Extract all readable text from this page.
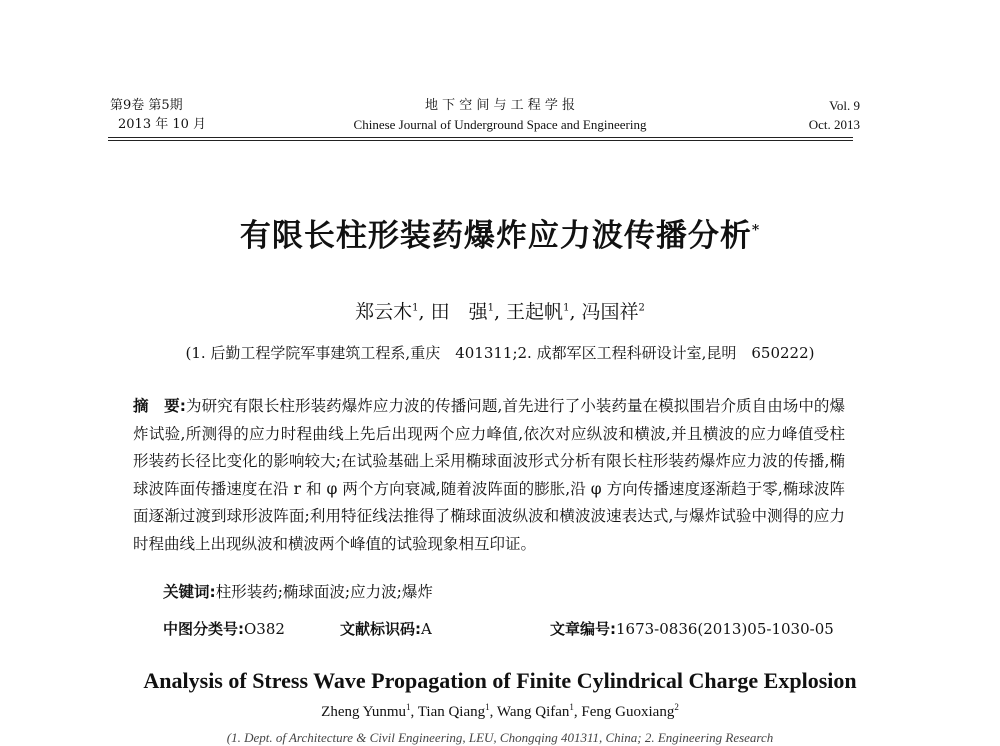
第9卷 第5期
2013 年 10 月
地 下 空 间 与 工 程 学 报
Chinese Journal of Underground Space and Engineering
Vol. 9
Oct. 2013
有限长柱形装药爆炸应力波传播分析*
郑云木$^1$, 田　强$^1$, 王起帆$^1$, 冯国祥$^2$
(1. 后勤工程学院军事建筑工程系,重庆　401311;2. 成都军区工程科研设计室,昆明　650222)
摘　要:为研究有限长柱形装药爆炸应力波的传播问题,首先进行了小装药量在模拟围岩介质自由场中的爆炸试验,所测得的应力时程曲线上先后出现两个应力峰值,依次对应纵波和横波,并且横波的应力峰值受柱形装药长径比变化的影响较大;在试验基础上采用椭球面波形式分析有限长柱形装药爆炸应力波的传播,椭球波阵面传播速度在沿 r 和 φ 两个方向衰减,随着波阵面的膨胀,沿 φ 方向传播速度逐渐趋于零,椭球波阵面逐渐过渡到球形波阵面;利用特征线法推得了椭球面波纵波和横波波速表达式,与爆炸试验中测得的应力时程曲线上出现纵波和横波两个峰值的试验现象相互印证。
关键词:柱形装药;椭球面波;应力波;爆炸
中图分类号:O382	文献标识码:A	文章编号:1673-0836(2013)05-1030-05
Analysis of Stress Wave Propagation of Finite Cylindrical Charge Explosion
Zheng Yunmu$^1$, Tian Qiang$^1$, Wang Qifan$^1$, Feng Guoxiang$^2$
(1. Dept. of Architecture & Civil Engineering, LEU, Chongqing 401311, China; 2. Engineering Research
